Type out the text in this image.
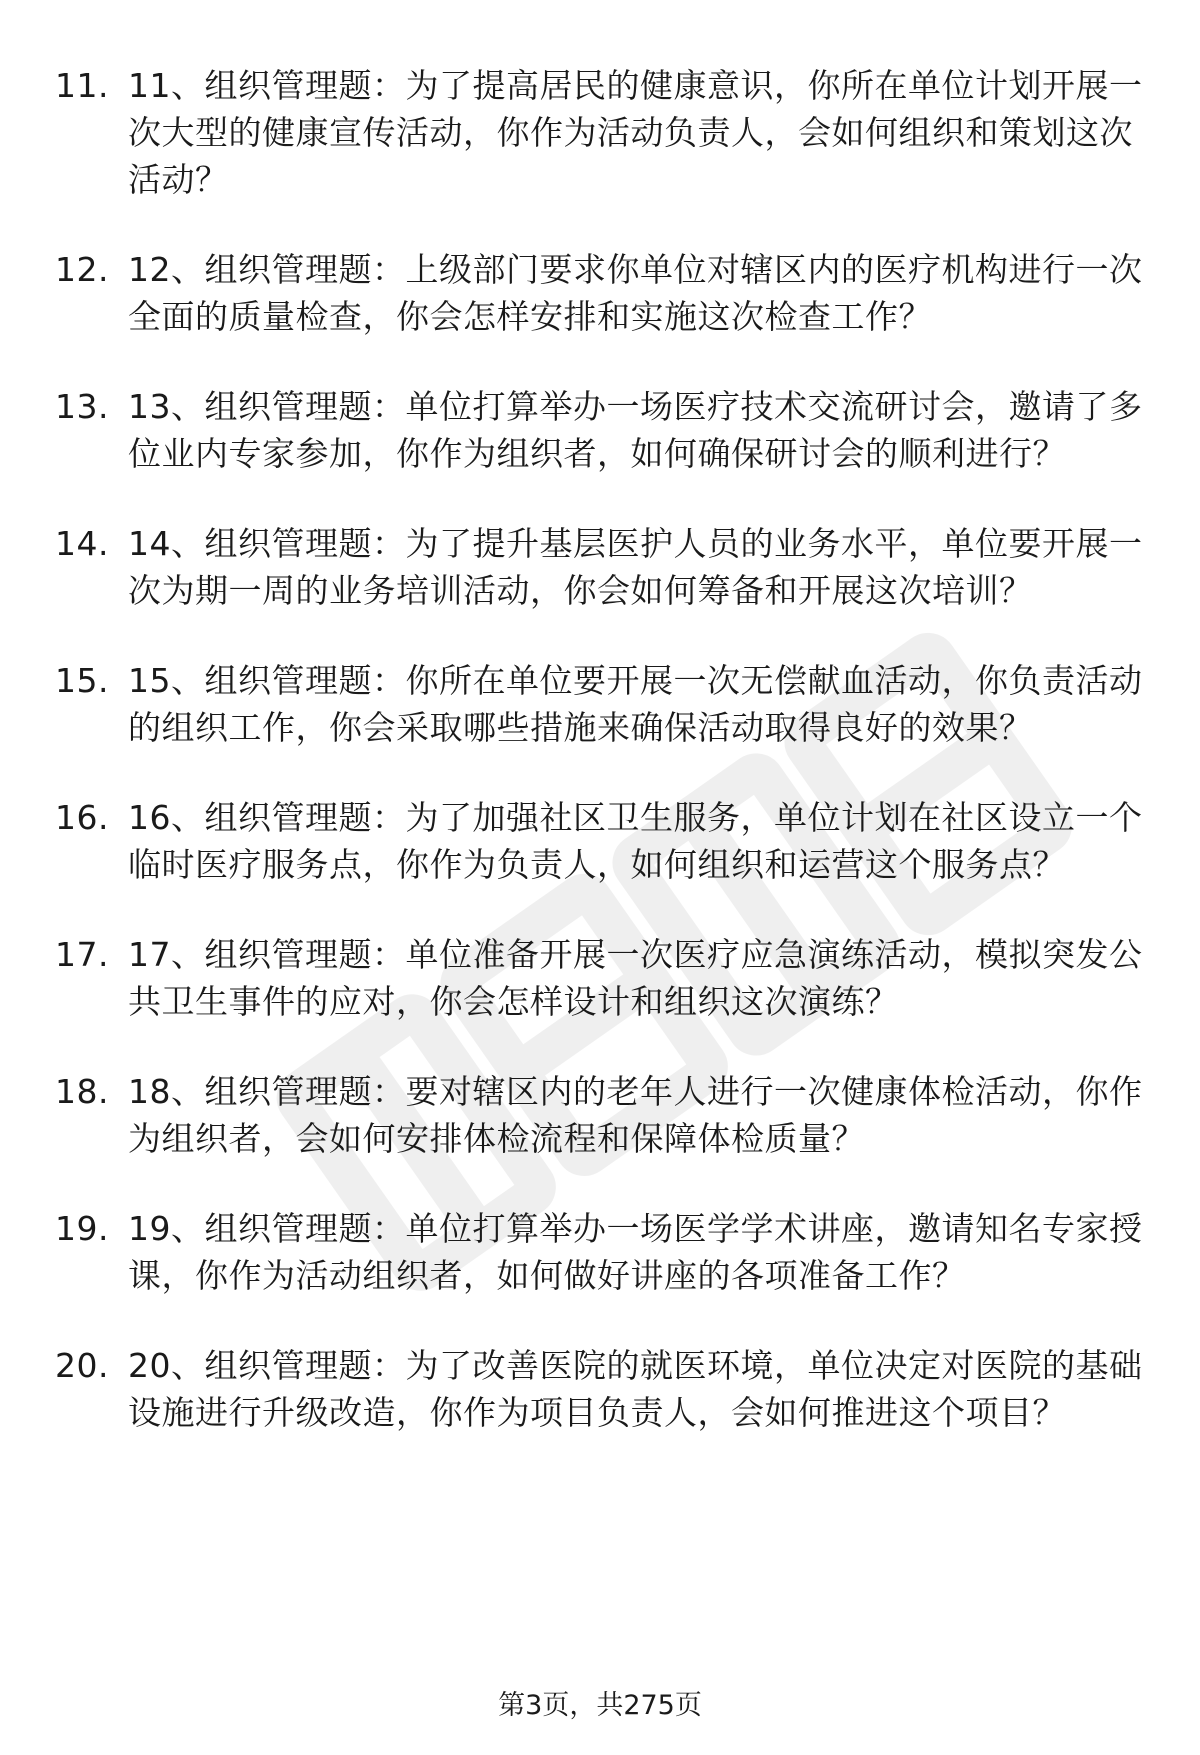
11. 11、组织管理题：为了提高居民的健康意识，你所在单位计划开展一次大型的健康宣传活动，你作为活动负责人，会如何组织和策划这次活动？
12. 12、组织管理题：上级部门要求你单位对辖区内的医疗机构进行一次全面的质量检查，你会怎样安排和实施这次检查工作？
13. 13、组织管理题：单位打算举办一场医疗技术交流研讨会，邀请了多位业内专家参加，你作为组织者，如何确保研讨会的顺利进行？
14. 14、组织管理题：为了提升基层医护人员的业务水平，单位要开展一次为期一周的业务培训活动，你会如何筹备和开展这次培训？
15. 15、组织管理题：你所在单位要开展一次无偿献血活动，你负责活动的组织工作，你会采取哪些措施来确保活动取得良好的效果？
16. 16、组织管理题：为了加强社区卫生服务，单位计划在社区设立一个临时医疗服务点，你作为负责人，如何组织和运营这个服务点？
17. 17、组织管理题：单位准备开展一次医疗应急演练活动，模拟突发公共卫生事件的应对，你会怎样设计和组织这次演练？
18. 18、组织管理题：要对辖区内的老年人进行一次健康体检活动，你作为组织者，会如何安排体检流程和保障体检质量？
19. 19、组织管理题：单位打算举办一场医学学术讲座，邀请知名专家授课，你作为活动组织者，如何做好讲座的各项准备工作？
20. 20、组织管理题：为了改善医院的就医环境，单位决定对医院的基础设施进行升级改造，你作为项目负责人，会如何推进这个项目？
第3页，共275页
